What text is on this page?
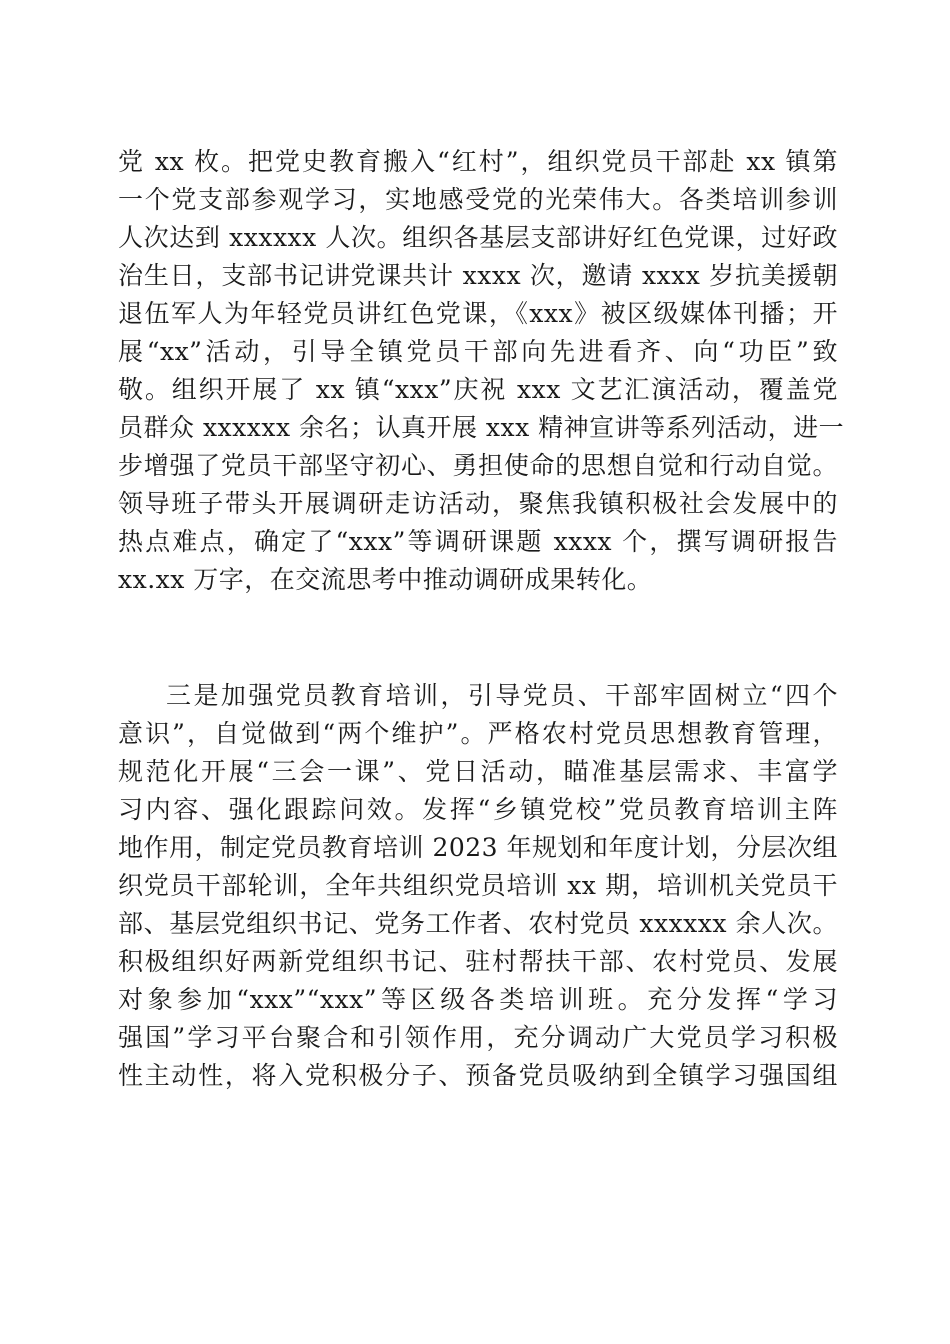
党 xx 枚。把党史教育搬入“红村”，组织党员干部赴 xx 镇第
一个党支部参观学习，实地感受党的光荣伟大。各类培训参训
人次达到 xxxxxx 人次。组织各基层支部讲好红色党课，过好政
治生日，支部书记讲党课共计 xxxx 次，邀请 xxxx 岁抗美援朝
退伍军人为年轻党员讲红色党课，《xxx》被区级媒体刊播；开
展“xx”活动，引导全镇党员干部向先进看齐、向“功臣”致
敬。组织开展了 xx 镇“xxx”庆祝 xxx 文艺汇演活动，覆盖党
员群众 xxxxxx 余名；认真开展 xxx 精神宣讲等系列活动，进一
步增强了党员干部坚守初心、勇担使命的思想自觉和行动自觉。
领导班子带头开展调研走访活动，聚焦我镇积极社会发展中的
热点难点，确定了“xxx”等调研课题 xxxx 个，撰写调研报告
xx.xx 万字，在交流思考中推动调研成果转化。
三是加强党员教育培训，引导党员、干部牢固树立“四个
意识”，自觉做到“两个维护”。严格农村党员思想教育管理，
规范化开展“三会一课”、党日活动，瞄准基层需求、丰富学
习内容、强化跟踪问效。发挥“乡镇党校”党员教育培训主阵
地作用，制定党员教育培训 2023 年规划和年度计划，分层次组
织党员干部轮训，全年共组织党员培训 xx 期，培训机关党员干
部、基层党组织书记、党务工作者、农村党员 xxxxxx 余人次。
积极组织好两新党组织书记、驻村帮扶干部、农村党员、发展
对象参加“xxx”“xxx”等区级各类培训班。充分发挥“学习
强国”学习平台聚合和引领作用，充分调动广大党员学习积极
性主动性，将入党积极分子、预备党员吸纳到全镇学习强国组
